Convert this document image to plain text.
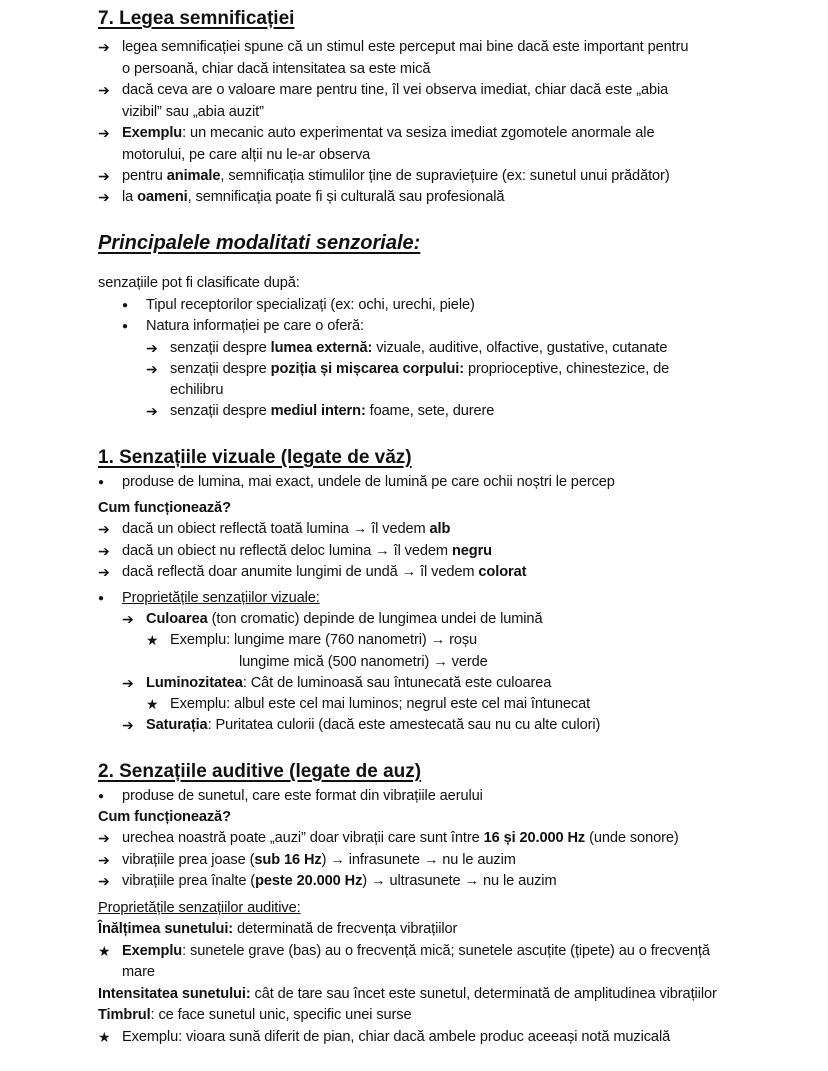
7. Legea semnificației
➔ legea semnificației spune că un stimul este perceput mai bine dacă este important pentru
o persoană, chiar dacă intensitatea sa este mică
➔ dacă ceva are o valoare mare pentru tine, îl vei observa imediat, chiar dacă este „abia
vizibil” sau „abia auzit”
➔ Exemplu: un mecanic auto experimentat va sesiza imediat zgomotele anormale ale
motorului, pe care alții nu le-ar observa
➔ pentru animale, semnificația stimulilor ține de supraviețuire (ex: sunetul unui prădător)
➔ la oameni, semnificația poate fi și culturală sau profesională
Principalele modalitati senzoriale:
senzațiile pot fi clasificate după:
● Tipul receptorilor specializați (ex: ochi, urechi, piele)
● Natura informației pe care o oferă:
➔ senzații despre lumea externă: vizuale, auditive, olfactive, gustative, cutanate
➔ senzații despre poziția și mișcarea corpului: proprioceptive, chinestezice, de
echilibru
➔ senzații despre mediul intern: foame, sete, durere
1. Senzațiile vizuale (legate de văz)
● produse de lumina, mai exact, undele de lumină pe care ochii noștri le percep
Cum funcționează?
➔ dacă un obiect reflectă toată lumina → îl vedem alb
➔ dacă un obiect nu reflectă deloc lumina → îl vedem negru
➔ dacă reflectă doar anumite lungimi de undă → îl vedem colorat
● Proprietățile senzațiilor vizuale:
➔ Culoarea (ton cromatic) depinde de lungimea undei de lumină
★ Exemplu: lungime mare (760 nanometri) → roșu
lungime mică (500 nanometri) → verde
➔ Luminozitatea: Cât de luminoasă sau întunecată este culoarea
★ Exemplu: albul este cel mai luminos; negrul este cel mai întunecat
➔ Saturația: Puritatea culorii (dacă este amestecată sau nu cu alte culori)
2. Senzațiile auditive (legate de auz)
● produse de sunetul, care este format din vibrațiile aerului
Cum funcționează?
➔ urechea noastră poate „auzi” doar vibrații care sunt între 16 și 20.000 Hz (unde sonore)
➔ vibrațiile prea joase (sub 16 Hz) → infrasunete → nu le auzim
➔ vibrațiile prea înalte (peste 20.000 Hz) → ultrasunete → nu le auzim
Proprietățile senzațiilor auditive:
Înălțimea sunetului: determinată de frecvența vibrațiilor
★ Exemplu: sunetele grave (bas) au o frecvență mică; sunetele ascuțite (țipete) au o frecvență
mare
Intensitatea sunetului: cât de tare sau încet este sunetul, determinată de amplitudinea vibrațiilor
Timbrul: ce face sunetul unic, specific unei surse
★ Exemplu: vioara sună diferit de pian, chiar dacă ambele produc aceeași notă muzicală
